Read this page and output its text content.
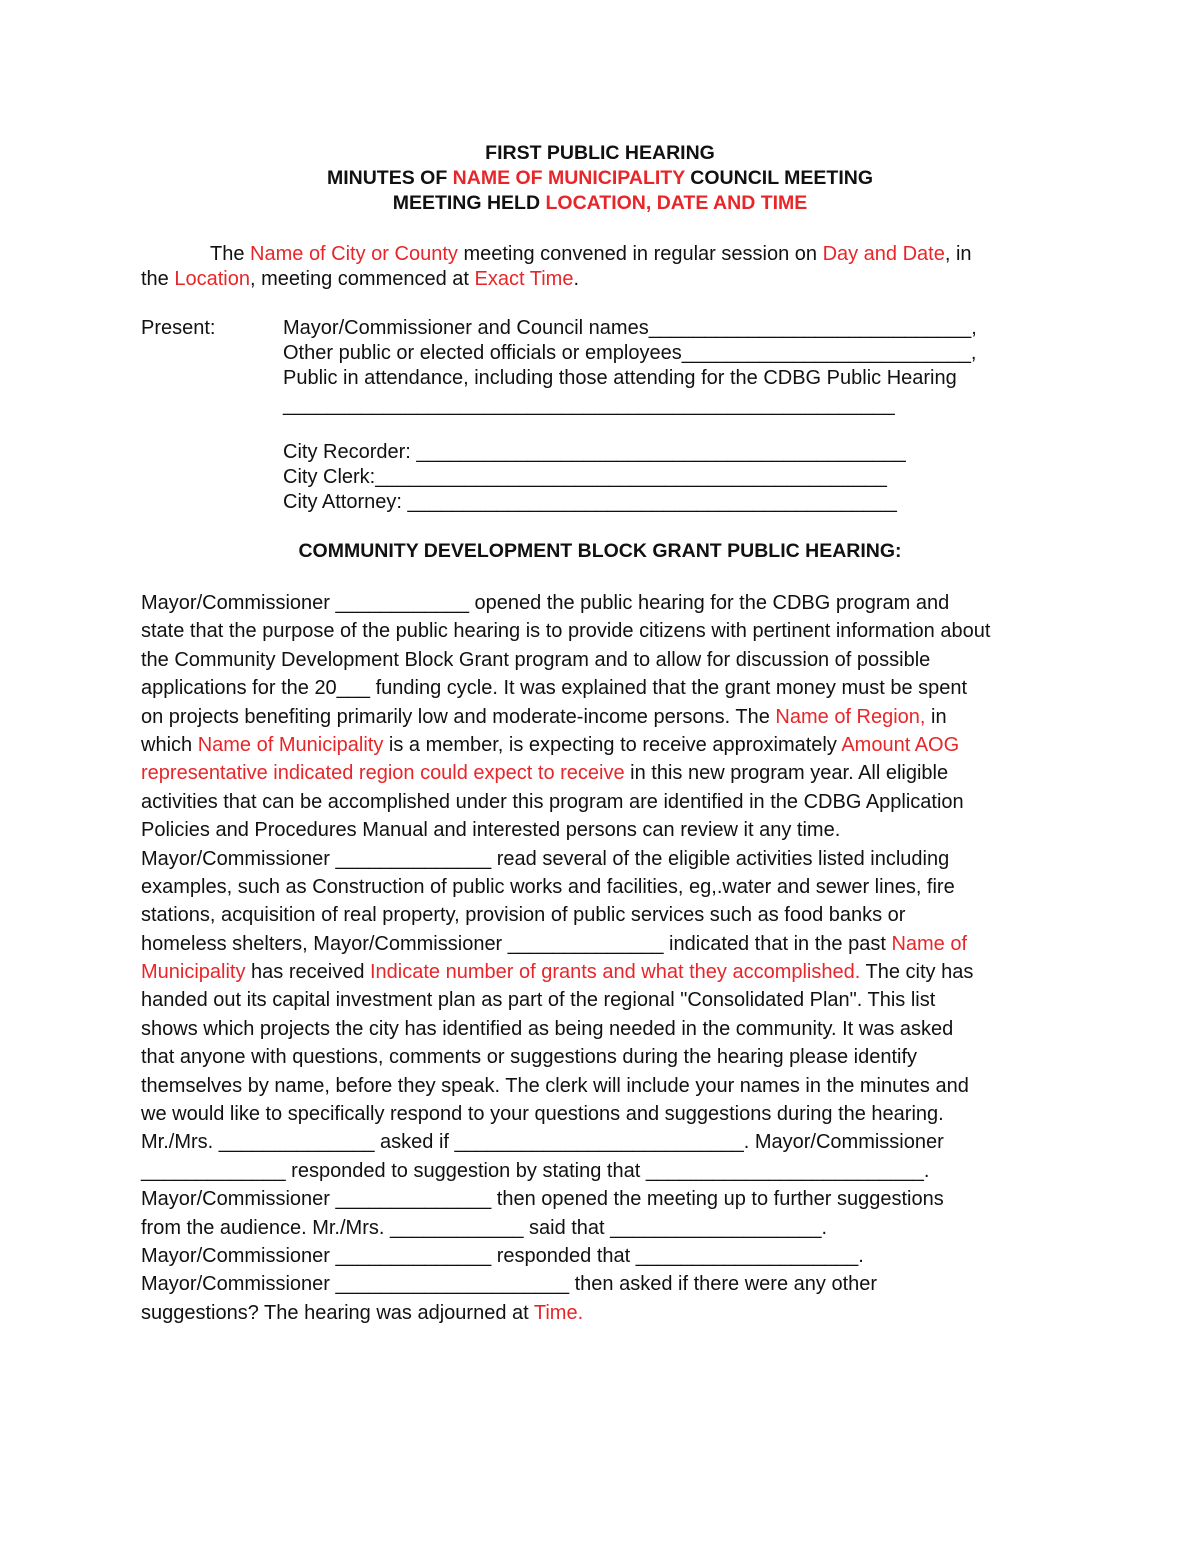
FIRST PUBLIC HEARING
MINUTES OF NAME OF MUNICIPALITY COUNCIL MEETING
MEETING HELD LOCATION, DATE AND TIME
The Name of City or County meeting convened in regular session on Day and Date, in
the Location, meeting commenced at Exact Time.
Present:	Mayor/Commissioner and Council names_____________________________,
Other public or elected officials or employees__________________________,
Public in attendance, including those attending for the CDBG Public Hearing
_______________________________________________________
City Recorder: ____________________________________________
City Clerk:______________________________________________
City Attorney: ____________________________________________
COMMUNITY DEVELOPMENT BLOCK GRANT PUBLIC HEARING:
Mayor/Commissioner ____________ opened the public hearing for the CDBG program and
state that the purpose of the public hearing is to provide citizens with pertinent information about
the Community Development Block Grant program and to allow for discussion of possible
applications for the 20___ funding cycle. It was explained that the grant money must be spent
on projects benefiting primarily low and moderate-income persons. The Name of Region, in
which Name of Municipality is a member, is expecting to receive approximately Amount AOG
representative indicated region could expect to receive in this new program year. All eligible
activities that can be accomplished under this program are identified in the CDBG Application
Policies and Procedures Manual and interested persons can review it any time.
Mayor/Commissioner ______________ read several of the eligible activities listed including
examples, such as Construction of public works and facilities, eg,.water and sewer lines, fire
stations, acquisition of real property, provision of public services such as food banks or
homeless shelters, Mayor/Commissioner ______________ indicated that in the past Name of
Municipality has received Indicate number of grants and what they accomplished. The city has
handed out its capital investment plan as part of the regional "Consolidated Plan". This list
shows which projects the city has identified as being needed in the community. It was asked
that anyone with questions, comments or suggestions during the hearing please identify
themselves by name, before they speak. The clerk will include your names in the minutes and
we would like to specifically respond to your questions and suggestions during the hearing.
Mr./Mrs. ______________ asked if __________________________. Mayor/Commissioner
_____________ responded to suggestion by stating that _________________________.
Mayor/Commissioner ______________ then opened the meeting up to further suggestions
from the audience. Mr./Mrs. ____________ said that ___________________.
Mayor/Commissioner ______________ responded that ____________________.
Mayor/Commissioner _____________________ then asked if there were any other
suggestions? The hearing was adjourned at Time.
